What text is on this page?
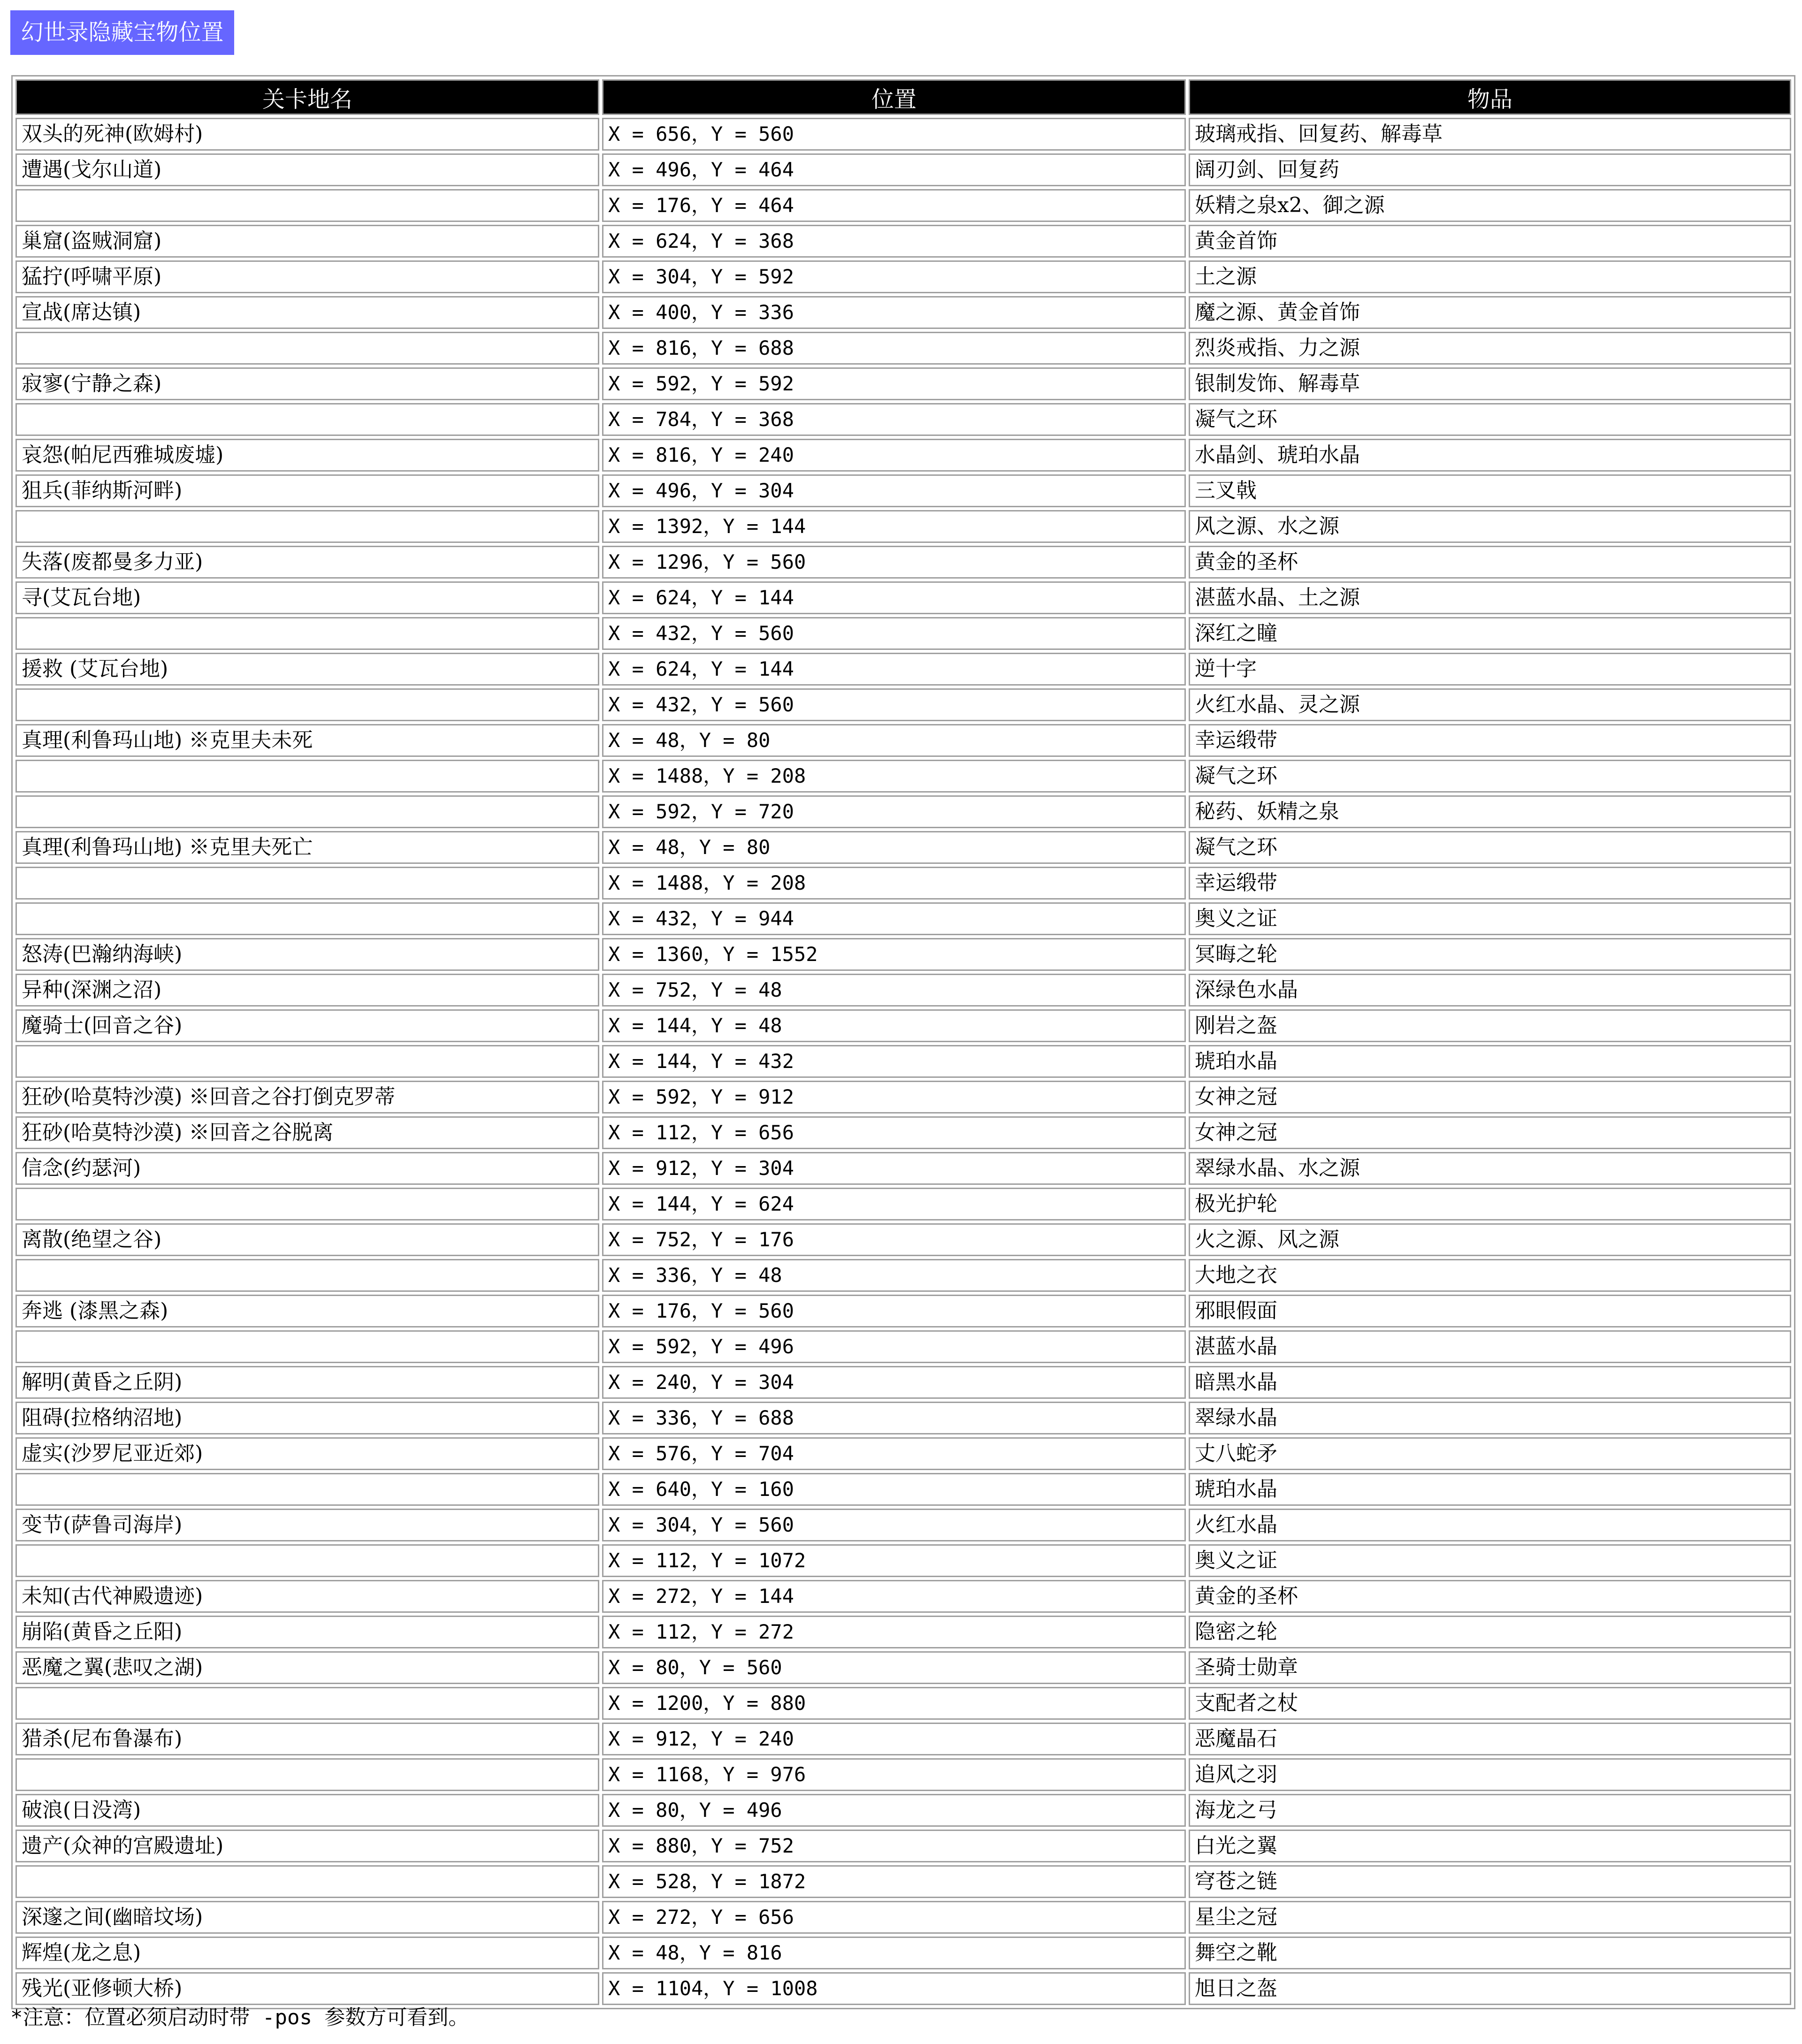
幻世录隐藏宝物位置
关卡地名	位置	物品
双头的死神(欧姆村)	X = 656，Y = 560	玻璃戒指、回复药、解毒草
遭遇(戈尔山道)	X = 496，Y = 464	阔刃剑、回复药
	X = 176，Y = 464	妖精之泉x2、御之源
巢窟(盗贼洞窟)	X = 624，Y = 368	黄金首饰
猛拧(呼啸平原)	X = 304，Y = 592	土之源
宣战(席达镇)	X = 400，Y = 336	魔之源、黄金首饰
	X = 816，Y = 688	烈炎戒指、力之源
寂寥(宁静之森)	X = 592，Y = 592	银制发饰、解毒草
	X = 784，Y = 368	凝气之环
哀怨(帕尼西雅城废墟)	X = 816，Y = 240	水晶剑、琥珀水晶
狙兵(菲纳斯河畔)	X = 496，Y = 304	三叉戟
	X = 1392，Y = 144	风之源、水之源
失落(废都曼多力亚)	X = 1296，Y = 560	黄金的圣杯
寻(艾瓦台地)	X = 624，Y = 144	湛蓝水晶、土之源
	X = 432，Y = 560	深红之瞳
援救 (艾瓦台地)	X = 624，Y = 144	逆十字
	X = 432，Y = 560	火红水晶、灵之源
真理(利鲁玛山地) ※克里夫未死	X = 48，Y = 80	幸运缎带
	X = 1488，Y = 208	凝气之环
	X = 592，Y = 720	秘药、妖精之泉
真理(利鲁玛山地) ※克里夫死亡	X = 48，Y = 80	凝气之环
	X = 1488，Y = 208	幸运缎带
	X = 432，Y = 944	奥义之证
怒涛(巴瀚纳海峡)	X = 1360，Y = 1552	冥晦之轮
异种(深渊之沼)	X = 752，Y = 48	深绿色水晶
魔骑士(回音之谷)	X = 144，Y = 48	刚岩之盔
	X = 144，Y = 432	琥珀水晶
狂砂(哈莫特沙漠) ※回音之谷打倒克罗蒂	X = 592，Y = 912	女神之冠
狂砂(哈莫特沙漠) ※回音之谷脱离	X = 112，Y = 656	女神之冠
信念(约瑟河)	X = 912，Y = 304	翠绿水晶、水之源
	X = 144，Y = 624	极光护轮
离散(绝望之谷)	X = 752，Y = 176	火之源、风之源
	X = 336，Y = 48	大地之衣
奔逃 (漆黑之森)	X = 176，Y = 560	邪眼假面
	X = 592，Y = 496	湛蓝水晶
解明(黄昏之丘阴)	X = 240，Y = 304	暗黑水晶
阻碍(拉格纳沼地)	X = 336，Y = 688	翠绿水晶
虚实(沙罗尼亚近郊)	X = 576，Y = 704	丈八蛇矛
	X = 640，Y = 160	琥珀水晶
变节(萨鲁司海岸)	X = 304，Y = 560	火红水晶
	X = 112，Y = 1072	奥义之证
未知(古代神殿遗迹)	X = 272，Y = 144	黄金的圣杯
崩陷(黄昏之丘阳)	X = 112，Y = 272	隐密之轮
恶魔之翼(悲叹之湖)	X = 80，Y = 560	圣骑士勋章
	X = 1200，Y = 880	支配者之杖
猎杀(尼布鲁瀑布)	X = 912，Y = 240	恶魔晶石
	X = 1168，Y = 976	追风之羽
破浪(日没湾)	X = 80，Y = 496	海龙之弓
遗产(众神的宫殿遗址)	X = 880，Y = 752	白光之翼
	X = 528，Y = 1872	穹苍之链
深邃之间(幽暗坟场)	X = 272，Y = 656	星尘之冠
辉煌(龙之息)	X = 48，Y = 816	舞空之靴
残光(亚修顿大桥)	X = 1104，Y = 1008	旭日之盔
*注意：位置必须启动时带 -pos 参数方可看到。
